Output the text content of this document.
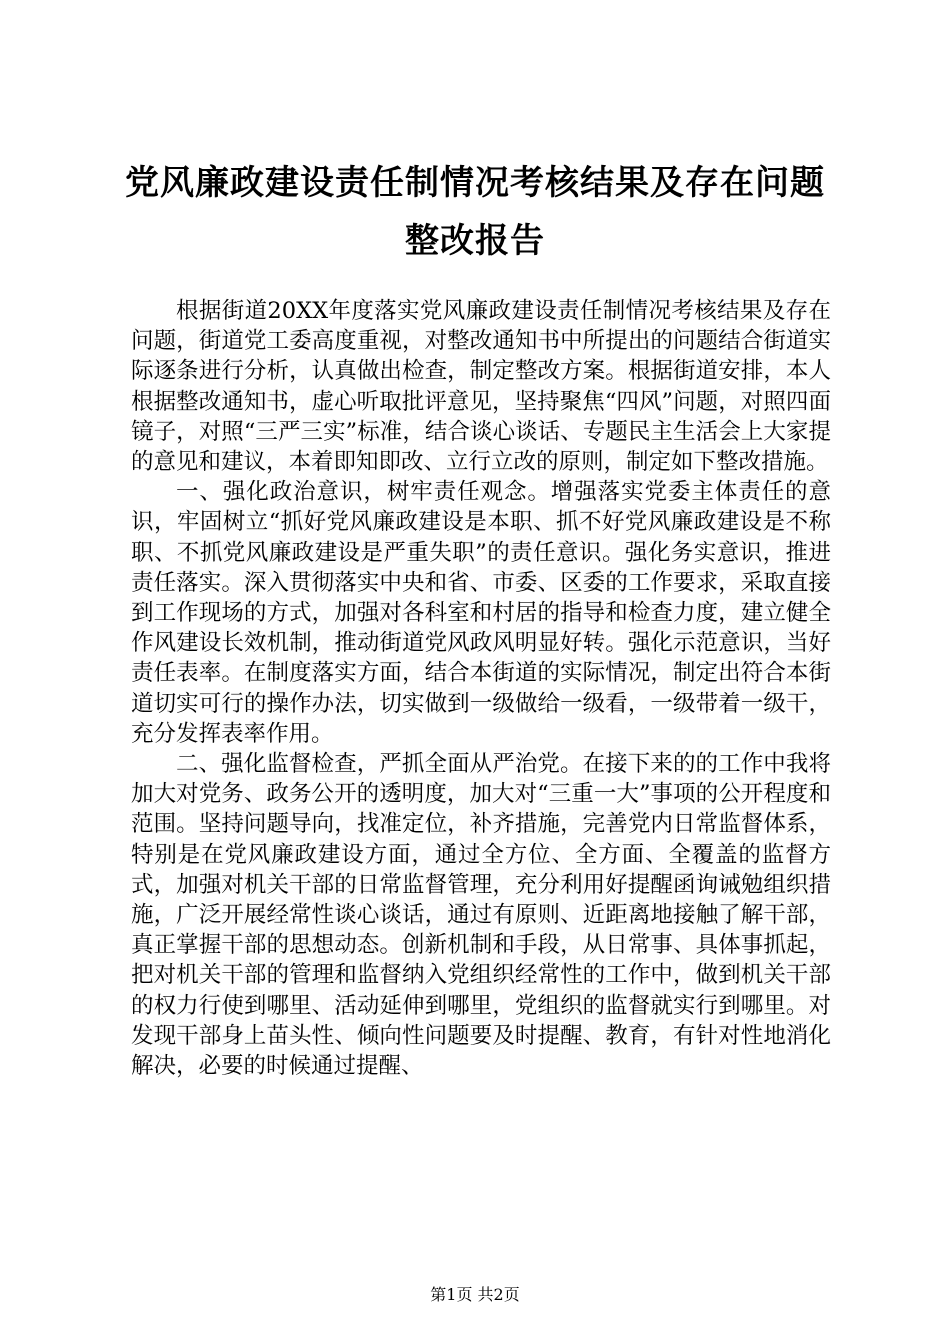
党风廉政建设责任制情况考核结果及存在问题
整改报告

根据街道20XX年度落实党风廉政建设责任制情况考核结果及存在问题，街道党工委高度重视，对整改通知书中所提出的问题结合街道实际逐条进行分析，认真做出检查，制定整改方案。根据街道安排，本人根据整改通知书，虚心听取批评意见，坚持聚焦“四风”问题，对照四面镜子，对照“三严三实”标准，结合谈心谈话、专题民主生活会上大家提的意见和建议，本着即知即改、立行立改的原则，制定如下整改措施。

一、强化政治意识，树牢责任观念。增强落实党委主体责任的意识，牢固树立“抓好党风廉政建设是本职、抓不好党风廉政建设是不称职、不抓党风廉政建设是严重失职”的责任意识。强化务实意识，推进责任落实。深入贯彻落实中央和省、市委、区委的工作要求，采取直接到工作现场的方式，加强对各科室和村居的指导和检查力度，建立健全作风建设长效机制，推动街道党风政风明显好转。强化示范意识，当好责任表率。在制度落实方面，结合本街道的实际情况，制定出符合本街道切实可行的操作办法，切实做到一级做给一级看，一级带着一级干，充分发挥表率作用。

二、强化监督检查，严抓全面从严治党。在接下来的的工作中我将加大对党务、政务公开的透明度，加大对“三重一大”事项的公开程度和范围。坚持问题导向，找准定位，补齐措施，完善党内日常监督体系，特别是在党风廉政建设方面，通过全方位、全方面、全覆盖的监督方式，加强对机关干部的日常监督管理，充分利用好提醒函询诫勉组织措施，广泛开展经常性谈心谈话，通过有原则、近距离地接触了解干部，真正掌握干部的思想动态。创新机制和手段，从日常事、具体事抓起，把对机关干部的管理和监督纳入党组织经常性的工作中，做到机关干部的权力行使到哪里、活动延伸到哪里，党组织的监督就实行到哪里。对发现干部身上苗头性、倾向性问题要及时提醒、教育，有针对性地消化解决，必要的时候通过提醒、

第1页 共2页
